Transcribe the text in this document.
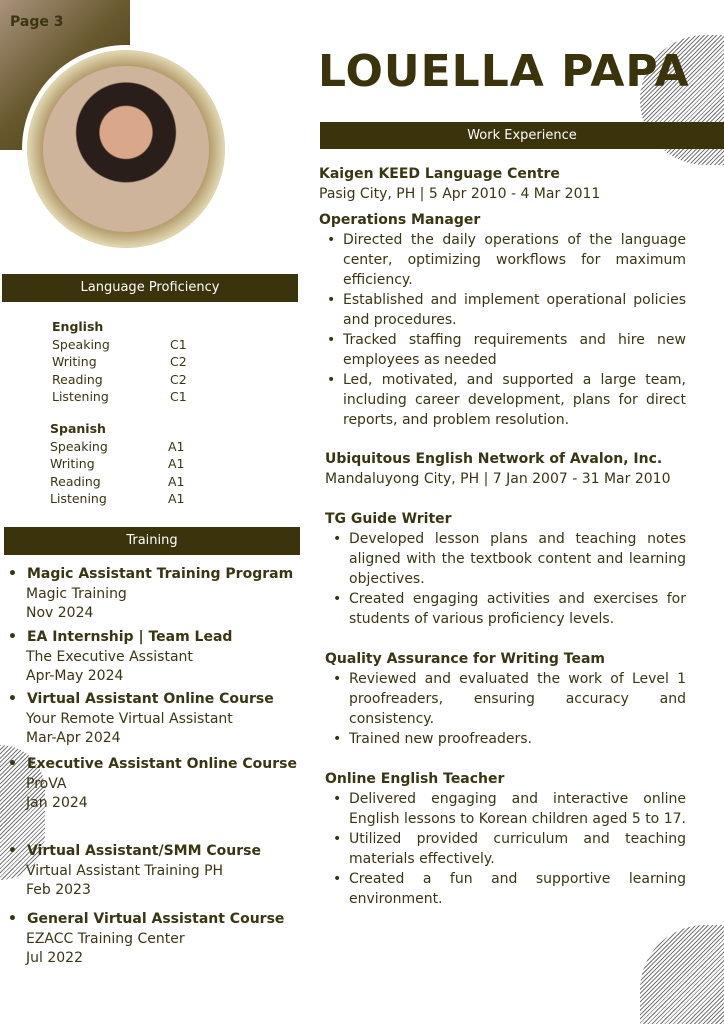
Page 3
LOUELLA PAPA
Language Proficiency
English
Speaking	C1
Writing	C2
Reading	C2
Listening	C1
Spanish
Speaking	A1
Writing	A1
Reading	A1
Listening	A1
Training
• Magic Assistant Training Program
Magic Training
Nov 2024
• EA Internship | Team Lead
The Executive Assistant
Apr-May 2024
• Virtual Assistant Online Course
Your Remote Virtual Assistant
Mar-Apr 2024
• Executive Assistant Online Course
ProVA
Jan 2024
• Virtual Assistant/SMM Course
Virtual Assistant Training PH
Feb 2023
• General Virtual Assistant Course
EZACC Training Center
Jul 2022
Work Experience
Kaigen KEED Language Centre
Pasig City, PH | 5 Apr 2010 - 4 Mar 2011
Operations Manager
• Directed the daily operations of the language center, optimizing workflows for maximum efficiency.
• Established and implement operational policies and procedures.
• Tracked staffing requirements and hire new employees as needed
• Led, motivated, and supported a large team, including career development, plans for direct reports, and problem resolution.
Ubiquitous English Network of Avalon, Inc.
Mandaluyong City, PH | 7 Jan 2007 - 31 Mar 2010
TG Guide Writer
• Developed lesson plans and teaching notes aligned with the textbook content and learning objectives.
• Created engaging activities and exercises for students of various proficiency levels.
Quality Assurance for Writing Team
• Reviewed and evaluated the work of Level 1 proofreaders, ensuring accuracy and consistency.
• Trained new proofreaders.
Online English Teacher
• Delivered engaging and interactive online English lessons to Korean children aged 5 to 17.
• Utilized provided curriculum and teaching materials effectively.
• Created a fun and supportive learning environment.
